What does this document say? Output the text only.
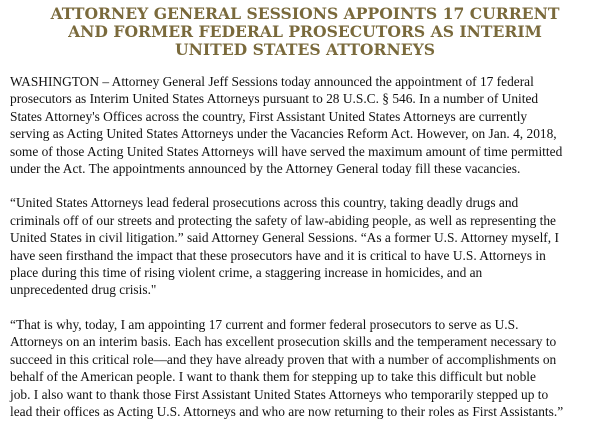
ATTORNEY GENERAL SESSIONS APPOINTS 17 CURRENT
AND FORMER FEDERAL PROSECUTORS AS INTERIM
UNITED STATES ATTORNEYS

WASHINGTON – Attorney General Jeff Sessions today announced the appointment of 17 federal
prosecutors as Interim United States Attorneys pursuant to 28 U.S.C. § 546. In a number of United
States Attorney's Offices across the country, First Assistant United States Attorneys are currently
serving as Acting United States Attorneys under the Vacancies Reform Act. However, on Jan. 4, 2018,
some of those Acting United States Attorneys will have served the maximum amount of time permitted
under the Act. The appointments announced by the Attorney General today fill these vacancies.

“United States Attorneys lead federal prosecutions across this country, taking deadly drugs and
criminals off of our streets and protecting the safety of law-abiding people, as well as representing the
United States in civil litigation.” said Attorney General Sessions. “As a former U.S. Attorney myself, I
have seen firsthand the impact that these prosecutors have and it is critical to have U.S. Attorneys in
place during this time of rising violent crime, a staggering increase in homicides, and an
unprecedented drug crisis."

“That is why, today, I am appointing 17 current and former federal prosecutors to serve as U.S.
Attorneys on an interim basis. Each has excellent prosecution skills and the temperament necessary to
succeed in this critical role—and they have already proven that with a number of accomplishments on
behalf of the American people. I want to thank them for stepping up to take this difficult but noble
job. I also want to thank those First Assistant United States Attorneys who temporarily stepped up to
lead their offices as Acting U.S. Attorneys and who are now returning to their roles as First Assistants.”
